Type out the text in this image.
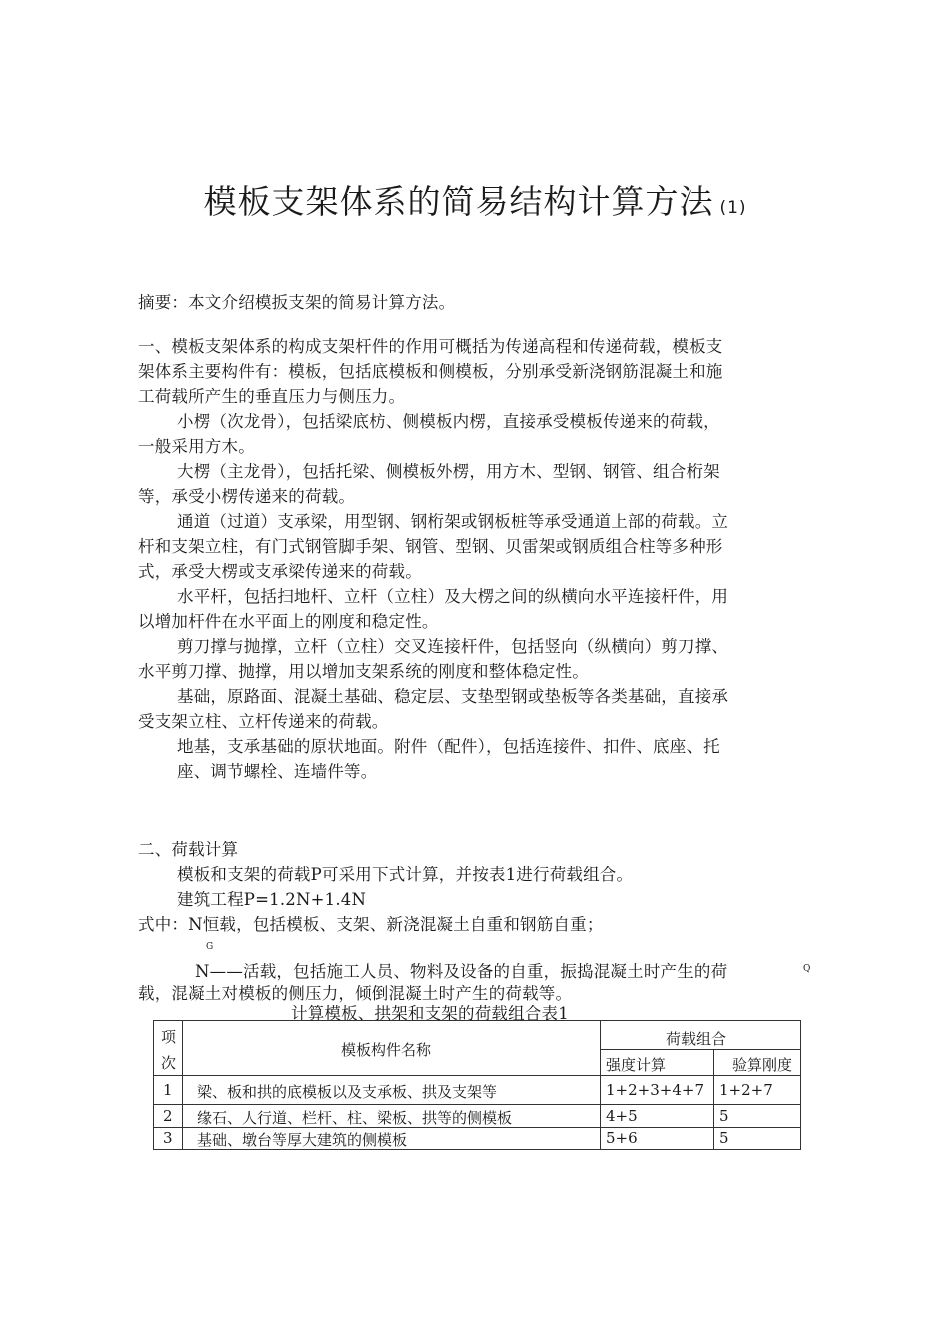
模板支架体系的简易结构计算方法 (1)
摘要：本文介绍模扳支架的简易计算方法。
一、模板支架体系的构成支架杆件的作用可概括为传递高程和传递荷载，模板支
架体系主要构件有：模板，包括底模板和侧模板，分别承受新浇钢筋混凝土和施
工荷载所产生的垂直压力与侧压力。
小楞（次龙骨），包括梁底枋、侧模板内楞，直接承受模板传递来的荷载，
一般采用方木。
大楞（主龙骨），包括托梁、侧模板外楞，用方木、型钢、钢管、组合桁架
等，承受小楞传递来的荷载。
通道（过道）支承梁，用型钢、钢桁架或钢板桩等承受通道上部的荷载。立
杆和支架立柱，有门式钢管脚手架、钢管、型钢、贝雷架或钢质组合柱等多种形
式，承受大楞或支承梁传递来的荷载。
水平杆，包括扫地杆、立杆（立柱）及大楞之间的纵横向水平连接杆件，用
以增加杆件在水平面上的刚度和稳定性。
剪刀撑与抛撑，立杆（立柱）交叉连接杆件，包括竖向（纵横向）剪刀撑、
水平剪刀撑、抛撑，用以增加支架系统的刚度和整体稳定性。
基础，原路面、混凝土基础、稳定层、支垫型钢或垫板等各类基础，直接承
受支架立柱、立杆传递来的荷载。
地基，支承基础的原状地面。附件（配件），包括连接件、扣件、底座、托
座、调节螺栓、连墙件等。
二、荷载计算
模板和支架的荷载P可采用下式计算，并按表1进行荷载组合。
建筑工程P=1.2N+1.4N
式中：N恒载，包括模板、支架、新浇混凝土自重和钢筋自重；
G
N——活载，包括施工人员、物料及设备的自重，振捣混凝土时产生的荷	Q
载，混凝土对模板的侧压力，倾倒混凝土时产生的荷载等。
计算模板、拱架和支架的荷载组合表1
项
次
模板构件名称
荷载组合
强度计算	验算刚度
1 梁、板和拱的底模板以及支承板、拱及支架等	1+2+3+4+7 1+2+7
2 缘石、人行道、栏杆、柱、梁板、拱等的侧模板	4+5	5
3 基础、墩台等厚大建筑的侧模板	5+6	5
